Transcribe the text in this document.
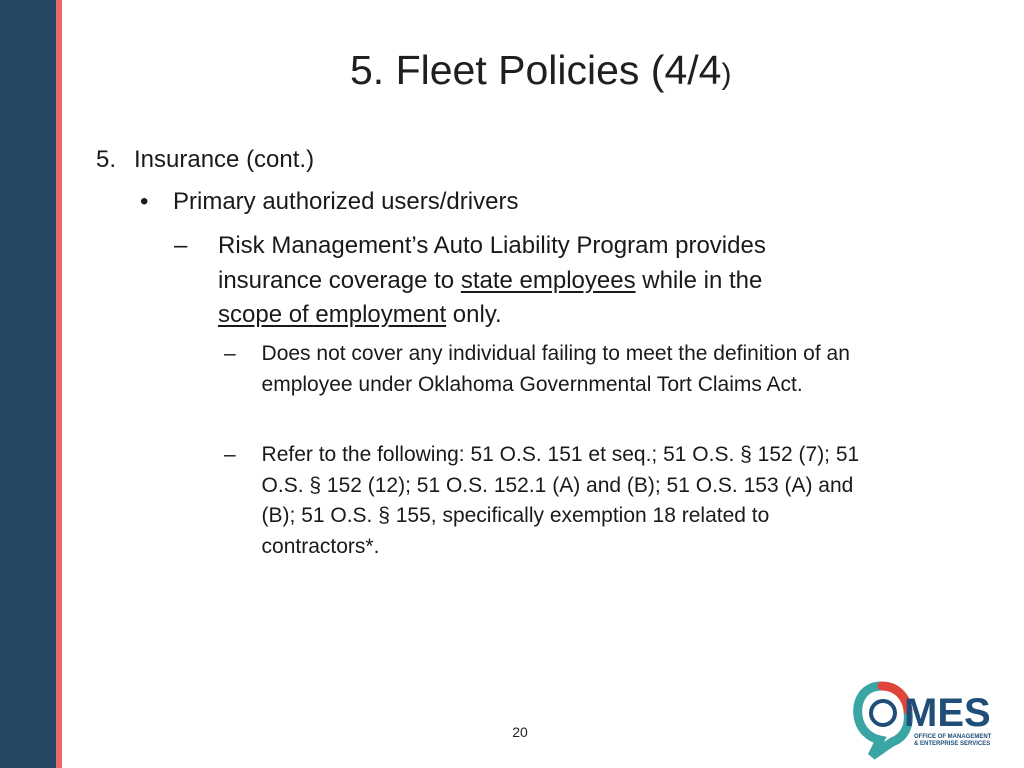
5. Fleet Policies (4/4)
5. Insurance (cont.)
•	Primary authorized users/drivers
–	Risk Management’s Auto Liability Program provides insurance coverage to state employees while in the scope of employment only.
–	Does not cover any individual failing to meet the definition of an employee under Oklahoma Governmental Tort Claims Act.
–	Refer to the following: 51 O.S. 151 et seq.; 51 O.S. § 152 (7); 51 O.S. § 152 (12); 51 O.S. 152.1 (A) and (B); 51 O.S. 153 (A) and (B); 51 O.S. § 155, specifically exemption 18 related to contractors*.
20	MES
OFFICE OF MANAGEMENT
& ENTERPRISE SERVICES
